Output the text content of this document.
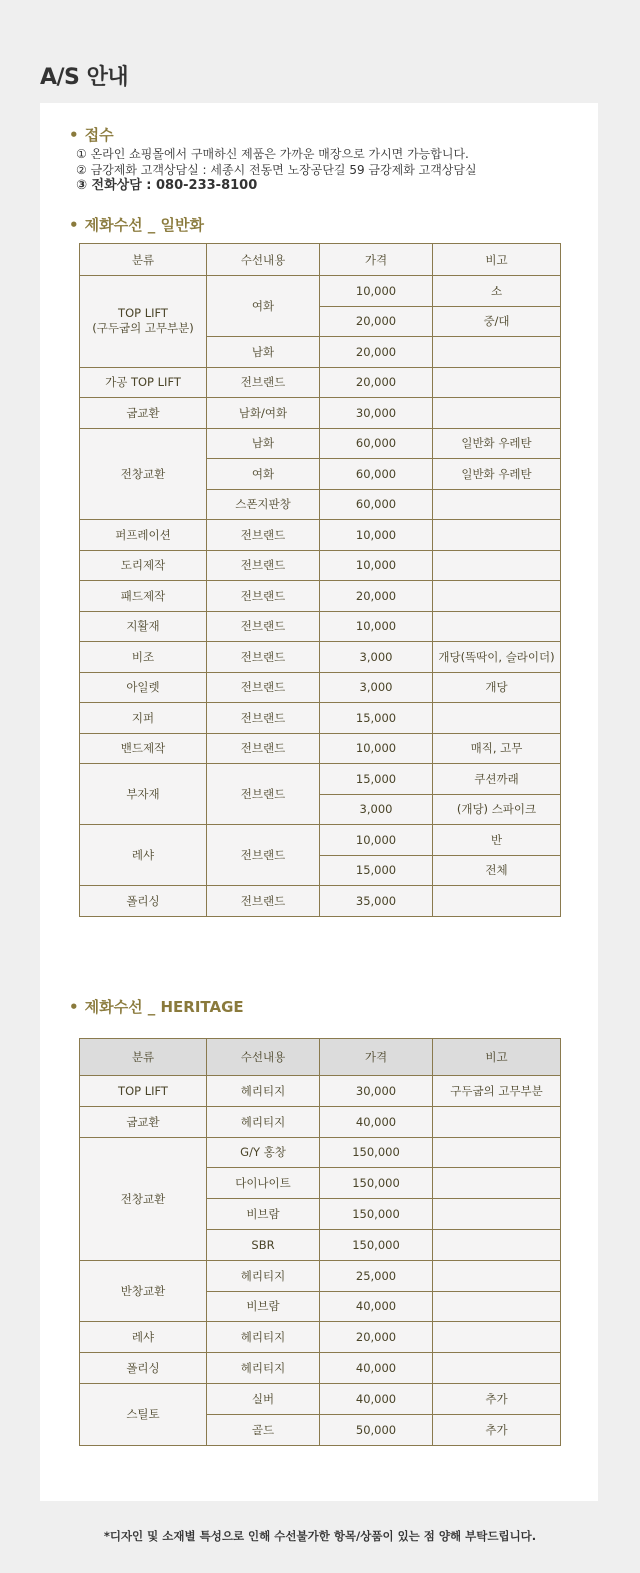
A/S 안내
• 접수
① 온라인 쇼핑몰에서 구매하신 제품은 가까운 매장으로 가시면 가능합니다.
② 금강제화 고객상담실 : 세종시 전동면 노장공단길 59 금강제화 고객상담실
③ 전화상담 : 080-233-8100
• 제화수선 _ 일반화
분류	수선내용	가격	비고
TOP LIFT
(구두굽의 고무부분)	여화	10,000	소
		20,000	중/대
	남화	20,000	
가공 TOP LIFT	전브랜드	20,000	
굽교환	남화/여화	30,000	
전창교환	남화	60,000	일반화 우레탄
	여화	60,000	일반화 우레탄
	스폰지판창	60,000	
퍼프레이션	전브랜드	10,000	
도리제작	전브랜드	10,000	
패드제작	전브랜드	20,000	
지활재	전브랜드	10,000	
비조	전브랜드	3,000	개당(똑딱이, 슬라이더)
아일렛	전브랜드	3,000	개당
지퍼	전브랜드	15,000	
밴드제작	전브랜드	10,000	매직, 고무
부자재	전브랜드	15,000	쿠션까래
		3,000	(개당) 스파이크
레샤	전브랜드	10,000	반
		15,000	전체
폴리싱	전브랜드	35,000	
• 제화수선 _ HERITAGE
분류	수선내용	가격	비고
TOP LIFT	헤리티지	30,000	구두굽의 고무부분
굽교환	헤리티지	40,000	
전창교환	G/Y 홍창	150,000	
	다이나이트	150,000	
	비브람	150,000	
	SBR	150,000	
반창교환	헤리티지	25,000	
	비브람	40,000	
레샤	헤리티지	20,000	
폴리싱	헤리티지	40,000	
스틸토	실버	40,000	추가
	골드	50,000	추가
*디자인 및 소재별 특성으로 인해 수선불가한 항목/상품이 있는 점 양해 부탁드립니다.
